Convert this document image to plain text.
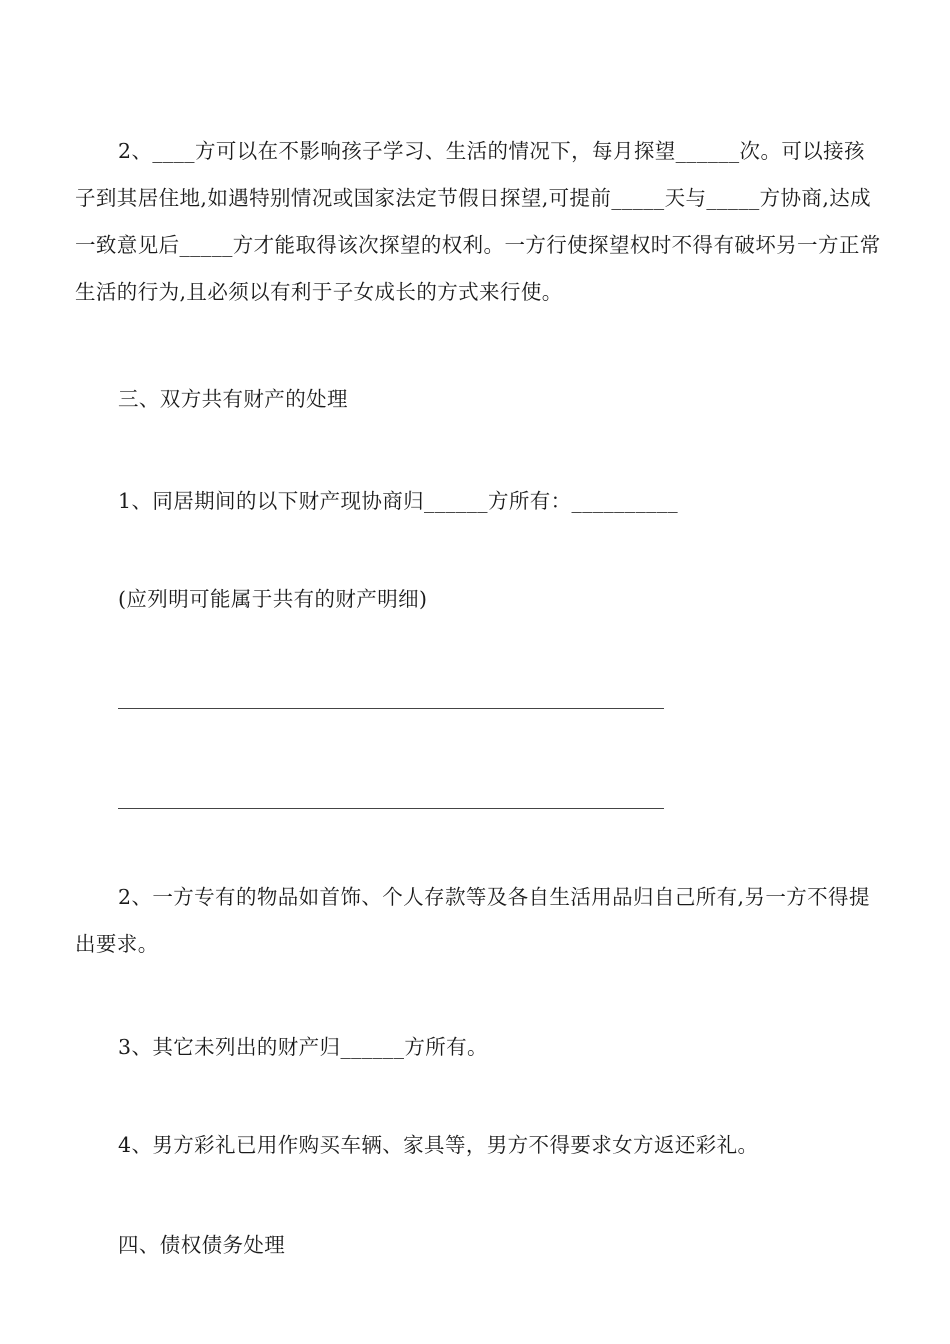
2、____方可以在不影响孩子学习、生活的情况下，每月探望______次。可以接孩子到其居住地,如遇特别情况或国家法定节假日探望,可提前_____天与_____方协商,达成一致意见后_____方才能取得该次探望的权利。一方行使探望权时不得有破坏另一方正常生活的行为,且必须以有利于子女成长的方式来行使。

三、双方共有财产的处理

1、同居期间的以下财产现协商归______方所有：__________

(应列明可能属于共有的财产明细)

2、一方专有的物品如首饰、个人存款等及各自生活用品归自己所有,另一方不得提出要求。

3、其它未列出的财产归______方所有。

4、男方彩礼已用作购买车辆、家具等，男方不得要求女方返还彩礼。

四、债权债务处理
